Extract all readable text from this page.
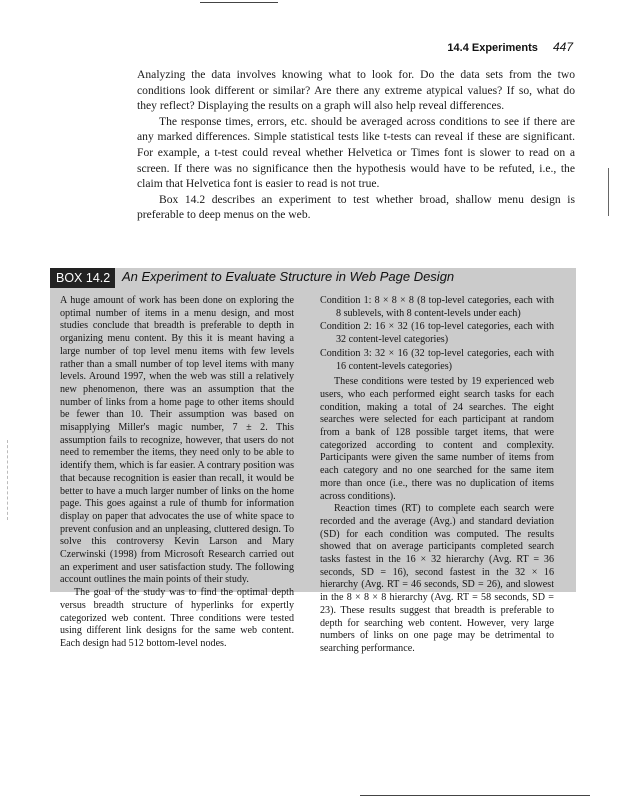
14.4 Experiments 447

Analyzing the data involves knowing what to look for. Do the data sets from the two conditions look different or similar? Are there any extreme atypical values? If so, what do they reflect? Displaying the results on a graph will also help reveal differences.

The response times, errors, etc. should be averaged across conditions to see if there are any marked differences. Simple statistical tests like t-tests can reveal if these are significant. For example, a t-test could reveal whether Helvetica or Times font is slower to read on a screen. If there was no significance then the hypothesis would have to be refuted, i.e., the claim that Helvetica font is easier to read is not true.

Box 14.2 describes an experiment to test whether broad, shallow menu design is preferable to deep menus on the web.

BOX 14.2 An Experiment to Evaluate Structure in Web Page Design

A huge amount of work has been done on exploring the optimal number of items in a menu design, and most studies conclude that breadth is preferable to depth in organizing menu content. By this it is meant having a large number of top level menu items with few levels rather than a small number of top level items with many levels. Around 1997, when the web was still a relatively new phenomenon, there was an assumption that the number of links from a home page to other items should be fewer than 10. Their assumption was based on misapplying Miller's magic number, 7 ± 2. This assumption fails to recognize, however, that users do not need to remember the items, they need only to be able to identify them, which is far easier. A contrary position was that because recognition is easier than recall, it would be better to have a much larger number of links on the home page. This goes against a rule of thumb for information display on paper that advocates the use of white space to prevent confusion and an unpleasing, cluttered design. To solve this controversy Kevin Larson and Mary Czerwinski (1998) from Microsoft Research carried out an experiment and user satisfaction study. The following account outlines the main points of their study.

The goal of the study was to find the optimal depth versus breadth structure of hyperlinks for expertly categorized web content. Three conditions were tested using different link designs for the same web content. Each design had 512 bottom-level nodes.

Condition 1: 8 × 8 × 8 (8 top-level categories, each with 8 sublevels, with 8 content-levels under each)
Condition 2: 16 × 32 (16 top-level categories, each with 32 content-level categories)
Condition 3: 32 × 16 (32 top-level categories, each with 16 content-levels categories)

These conditions were tested by 19 experienced web users, who each performed eight search tasks for each condition, making a total of 24 searches. The eight searches were selected for each participant at random from a bank of 128 possible target items, that were categorized according to content and complexity. Participants were given the same number of items from each category and no one searched for the same item more than once (i.e., there was no duplication of items across conditions).

Reaction times (RT) to complete each search were recorded and the average (Avg.) and standard deviation (SD) for each condition was computed. The results showed that on average participants completed search tasks fastest in the 16 × 32 hierarchy (Avg. RT = 36 seconds, SD = 16), second fastest in the 32 × 16 hierarchy (Avg. RT = 46 seconds, SD = 26), and slowest in the 8 × 8 × 8 hierarchy (Avg. RT = 58 seconds, SD = 23). These results suggest that breadth is preferable to depth for searching web content. However, very large numbers of links on one page may be detrimental to searching performance.
